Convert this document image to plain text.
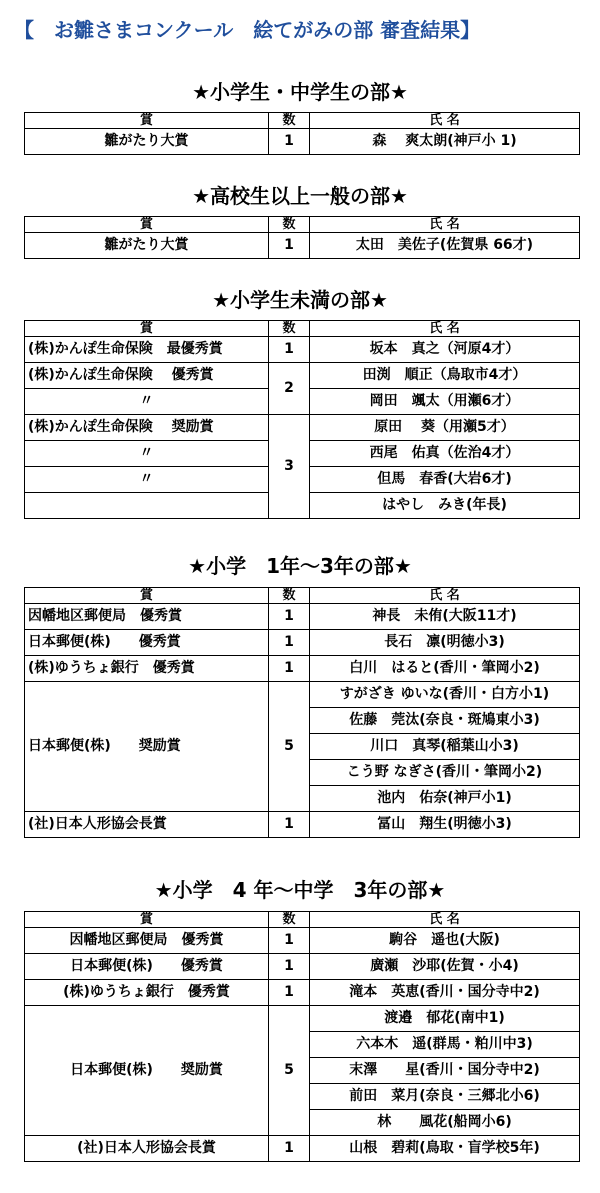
【　お雛さまコンクール　絵てがみの部 審査結果】
★小学生・中学生の部★
賞	数	氏 名
雛がたり大賞	1	森　 爽太朗(神戸小 1)
★高校生以上一般の部★
賞	数	氏 名
雛がたり大賞	1	太田　美佐子(佐賀県 66才)
★小学生未満の部★
賞	数	氏 名
(株)かんぽ生命保険　最優秀賞	1	坂本　真之（河原4才）
(株)かんぽ生命保険　 優秀賞	2	田渕　順正（鳥取市4才）
〃		岡田　颯太（用瀬6才）
(株)かんぽ生命保険　 奨励賞	3	原田　 葵（用瀬5才）
〃		西尾　佑真（佐治4才）
〃		但馬　春香(大岩6才)
		はやし　みき(年長)
★小学　1年～3年の部★
賞	数	氏 名
因幡地区郵便局　優秀賞	1	神長　未侑(大阪11才)
日本郵便(株)　　優秀賞	1	長石　凛(明徳小3)
(株)ゆうちょ銀行　優秀賞	1	白川　はると(香川・筆岡小2)
日本郵便(株)　　奨励賞	5	すがざき ゆいな(香川・白方小1)
		佐藤　莞汰(奈良・斑鳩東小3)
		川口　真琴(稲葉山小3)
		こう野 なぎさ(香川・筆岡小2)
		池内　佑奈(神戸小1)
(社)日本人形協会長賞	1	冨山　翔生(明徳小3)
★小学　4 年～中学　3年の部★
賞	数	氏 名
因幡地区郵便局　優秀賞	1	駒谷　遥也(大阪)
日本郵便(株)　　優秀賞	1	廣瀬　沙耶(佐賀・小4)
(株)ゆうちょ銀行　優秀賞	1	滝本　英恵(香川・国分寺中2)
日本郵便(株)　　奨励賞	5	渡邉　郁花(南中1)
		六本木　遥(群馬・粕川中3)
		末澤　　星(香川・国分寺中2)
		前田　菜月(奈良・三郷北小6)
		林　　風花(船岡小6)
(社)日本人形協会長賞	1	山根　碧莉(鳥取・盲学校5年)
